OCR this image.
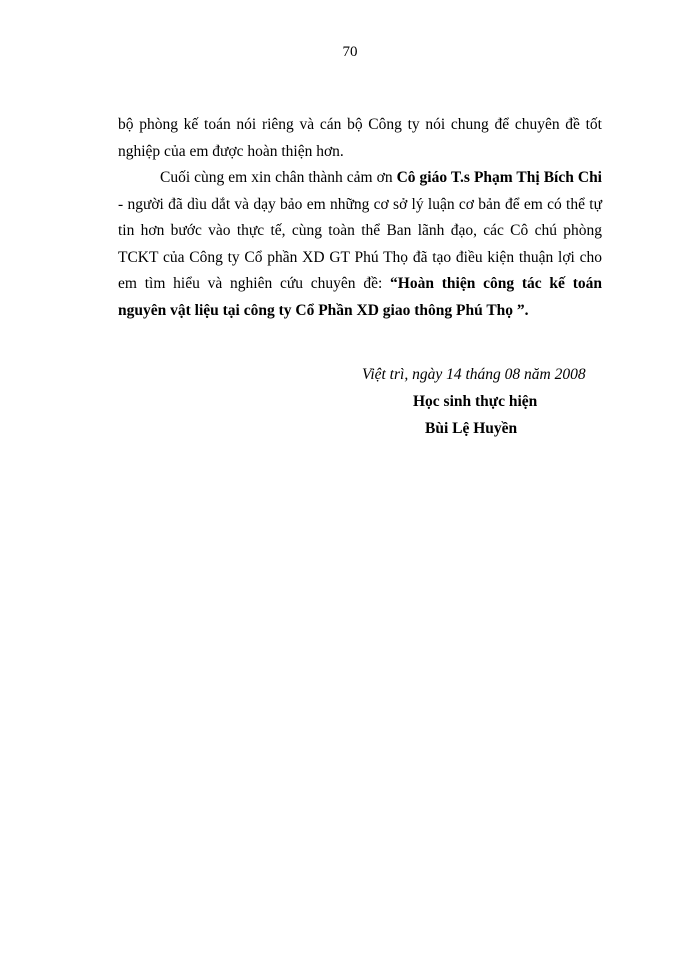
70

bộ phòng kế toán nói riêng và cán bộ Công ty nói chung để chuyên đề tốt nghiệp của em được hoàn thiện hơn.

Cuối cùng em xin chân thành cảm ơn Cô giáo T.s Phạm Thị Bích Chi - người đã dìu dắt và dạy bảo em những cơ sở lý luận cơ bản để em có thể tự tin hơn bước vào thực tế, cùng toàn thể Ban lãnh đạo, các Cô chú phòng TCKT của Công ty Cổ phần XD GT Phú Thọ đã tạo điều kiện thuận lợi cho em tìm hiểu và nghiên cứu chuyên đề: “Hoàn thiện công tác kế toán nguyên vật liệu tại công ty Cổ Phần XD giao thông Phú Thọ ”.

Việt trì, ngày 14 tháng 08 năm 2008
Học sinh thực hiện
Bùi Lệ Huyền
